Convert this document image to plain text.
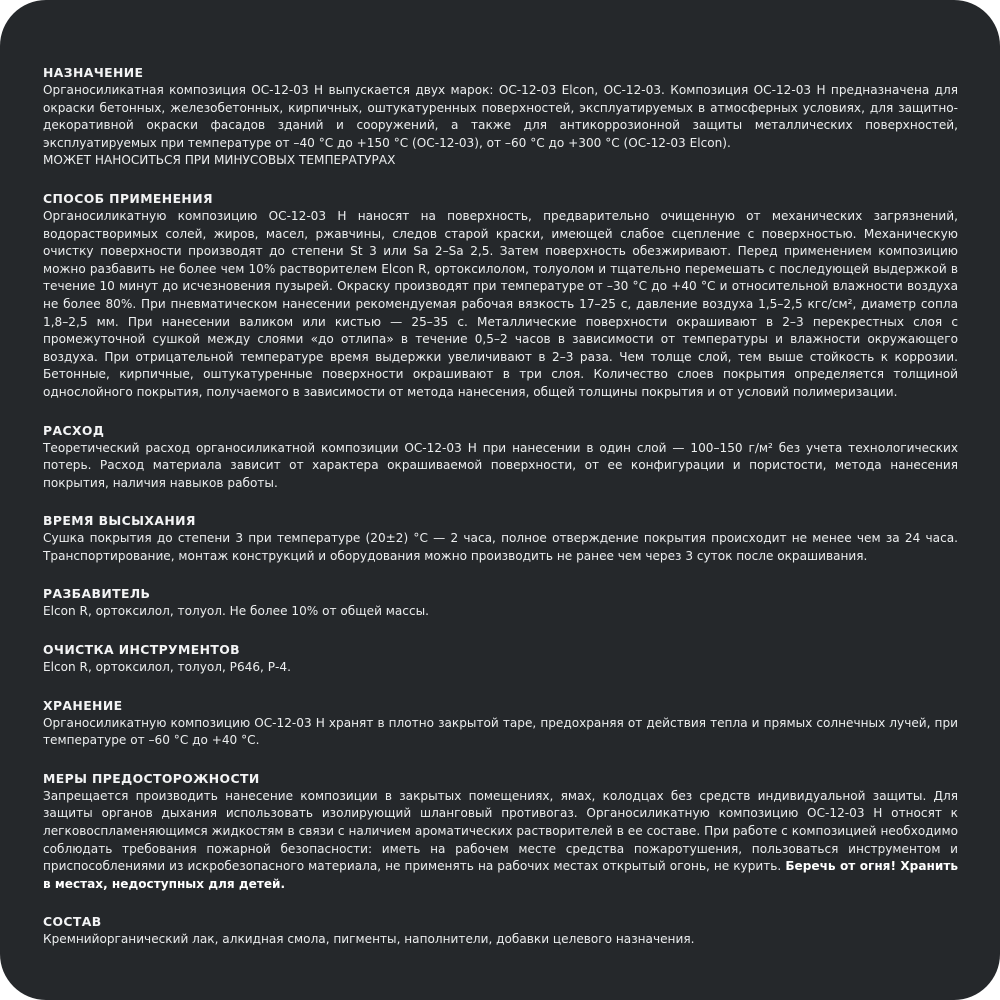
НАЗНАЧЕНИЕ

Органосиликатная композиция ОС-12-03 Н выпускается двух марок: ОС-12-03 Elcon, ОС-12-03. Композиция ОС-12-03 Н предназначена для окраски бетонных, железобетонных, кирпичных, оштукатуренных поверхностей, эксплуатируемых в атмосферных условиях, для защитно-декоративной окраски фасадов зданий и сооружений, а также для антикоррозионной защиты металлических поверхностей, эксплуатируемых при температуре от –40 °C до +150 °C (ОС-12-03), от –60 °C до +300 °C (ОС-12-03 Elcon).

МОЖЕТ НАНОСИТЬСЯ ПРИ МИНУСОВЫХ ТЕМПЕРАТУРАХ

СПОСОБ ПРИМЕНЕНИЯ

Органосиликатную композицию ОС-12-03 Н наносят на поверхность, предварительно очищенную от механических загрязнений, водорастворимых солей, жиров, масел, ржавчины, следов старой краски, имеющей слабое сцепление с поверхностью. Механическую очистку поверхности производят до степени St 3 или Sa 2–Sa 2,5. Затем поверхность обезжиривают. Перед применением композицию можно разбавить не более чем 10% растворителем Elcon R, ортоксилолом, толуолом и тщательно перемешать с последующей выдержкой в течение 10 минут до исчезновения пузырей. Окраску производят при температуре от –30 °C до +40 °C и относительной влажности воздуха не более 80%. При пневматическом нанесении рекомендуемая рабочая вязкость 17–25 с, давление воздуха 1,5–2,5 кгс/см², диаметр сопла 1,8–2,5 мм. При нанесении валиком или кистью — 25–35 с. Металлические поверхности окрашивают в 2–3 перекрестных слоя с промежуточной сушкой между слоями «до отлипа» в течение 0,5–2 часов в зависимости от температуры и влажности окружающего воздуха. При отрицательной температуре время выдержки увеличивают в 2–3 раза. Чем толще слой, тем выше стойкость к коррозии. Бетонные, кирпичные, оштукатуренные поверхности окрашивают в три слоя. Количество слоев покрытия определяется толщиной однослойного покрытия, получаемого в зависимости от метода нанесения, общей толщины покрытия и от условий полимеризации.

РАСХОД

Теоретический расход органосиликатной композиции ОС-12-03 Н при нанесении в один слой — 100–150 г/м² без учета технологических потерь. Расход материала зависит от характера окрашиваемой поверхности, от ее конфигурации и пористости, метода нанесения покрытия, наличия навыков работы.

ВРЕМЯ ВЫСЫХАНИЯ

Сушка покрытия до степени 3 при температуре (20±2) °C — 2 часа, полное отверждение покрытия происходит не менее чем за 24 часа. Транспортирование, монтаж конструкций и оборудования можно производить не ранее чем через 3 суток после окрашивания.

РАЗБАВИТЕЛЬ

Elcon R, ортоксилол, толуол. Не более 10% от общей массы.

ОЧИСТКА ИНСТРУМЕНТОВ

Elcon R, ортоксилол, толуол, Р646, Р-4.

ХРАНЕНИЕ

Органосиликатную композицию ОС-12-03 Н хранят в плотно закрытой таре, предохраняя от действия тепла и прямых солнечных лучей, при температуре от –60 °C до +40 °C.

МЕРЫ ПРЕДОСТОРОЖНОСТИ

Запрещается производить нанесение композиции в закрытых помещениях, ямах, колодцах без средств индивидуальной защиты. Для защиты органов дыхания использовать изолирующий шланговый противогаз. Органосиликатную композицию ОС-12-03 Н относят к легковоспламеняющимся жидкостям в связи с наличием ароматических растворителей в ее составе. При работе с композицией необходимо соблюдать требования пожарной безопасности: иметь на рабочем месте средства пожаротушения, пользоваться инструментом и приспособлениями из искробезопасного материала, не применять на рабочих местах открытый огонь, не курить. Беречь от огня! Хранить в местах, недоступных для детей.

СОСТАВ

Кремнийорганический лак, алкидная смола, пигменты, наполнители, добавки целевого назначения.
